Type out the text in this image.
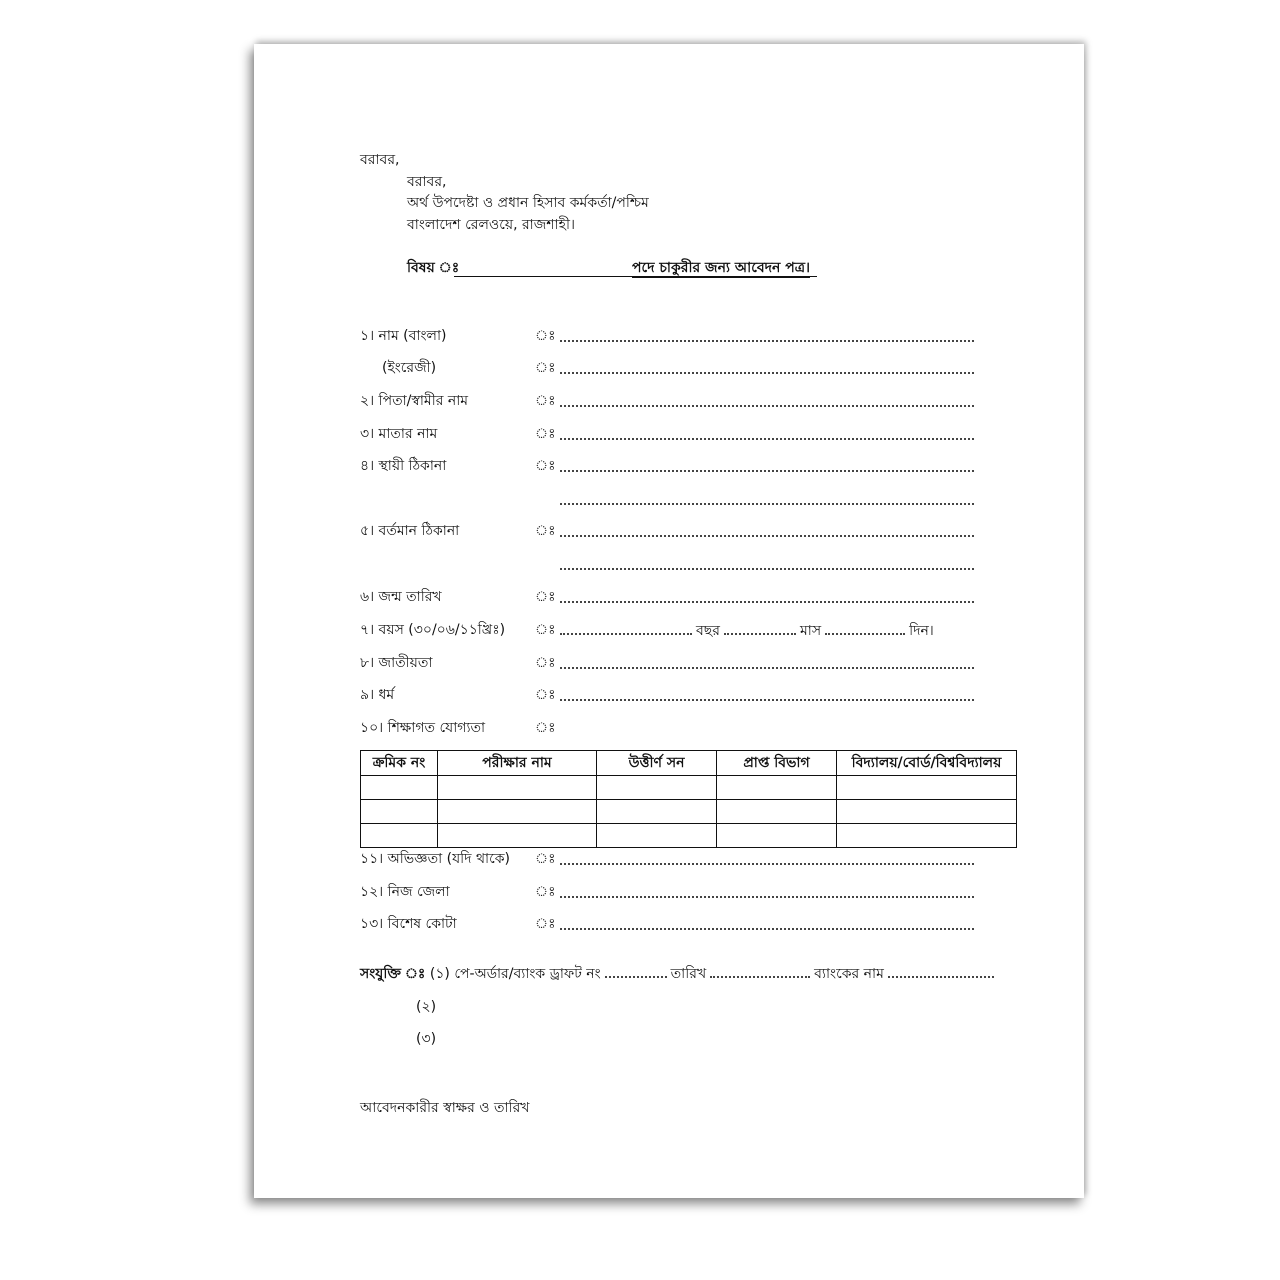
বরাবর,
বরাবর,
অর্থ উপদেষ্টা ও প্রধান হিসাব কর্মকর্তা/পশ্চিম
বাংলাদেশ রেলওয়ে, রাজশাহী।
বিষয় ঃ	পদে চাকুরীর জন্য আবেদন পত্র।
১। নাম (বাংলা)	ঃ
(ইংরেজী)	ঃ
২। পিতা/স্বামীর নাম	ঃ
৩। মাতার নাম	ঃ
৪। স্থায়ী ঠিকানা	ঃ
৫। বর্তমান ঠিকানা	ঃ
৬। জন্ম তারিখ	ঃ
৭। বয়স (৩০/০৬/১১খ্রিঃ) ঃ	বছর	মাস	দিন।
৮। জাতীয়তা	ঃ
৯। ধর্ম	ঃ
১০। শিক্ষাগত যোগ্যতা	ঃ
ক্রমিক নং	পরীক্ষার নাম	উত্তীর্ণ সন	প্রাপ্ত বিভাগ	বিদ্যালয়/বোর্ড/বিশ্ববিদ্যালয়

১১। অভিজ্ঞতা (যদি থাকে) ঃ
১২। নিজ জেলা	ঃ
১৩। বিশেষ কোটা	ঃ
সংযুক্তি ঃ (১) পে-অর্ডার/ব্যাংক ড্রাফট নং	তারিখ	ব্যাংকের নাম
(২)
(৩)
আবেদনকারীর স্বাক্ষর ও তারিখ
